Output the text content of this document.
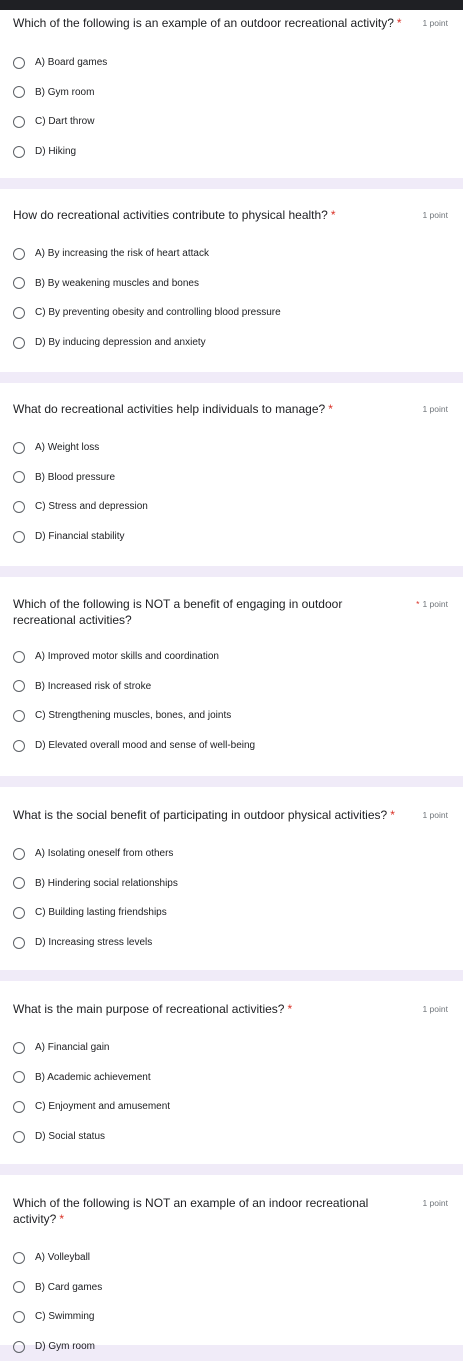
Which of the following is an example of an outdoor recreational activity? * 1 point
A) Board games
B) Gym room
C) Dart throw
D) Hiking
How do recreational activities contribute to physical health? *	1 point
A) By increasing the risk of heart attack
B) By weakening muscles and bones
C) By preventing obesity and controlling blood pressure
D) By inducing depression and anxiety
What do recreational activities help individuals to manage? *	1 point
A) Weight loss
B) Blood pressure
C) Stress and depression
D) Financial stability
Which of the following is NOT a benefit of engaging in outdoor recreational activities?
* 1 point
A) Improved motor skills and coordination
B) Increased risk of stroke
C) Strengthening muscles, bones, and joints
D) Elevated overall mood and sense of well-being
What is the social benefit of participating in outdoor physical activities? *	1 point
A) Isolating oneself from others
B) Hindering social relationships
C) Building lasting friendships
D) Increasing stress levels
What is the main purpose of recreational activities? *	1 point
A) Financial gain
B) Academic achievement
C) Enjoyment and amusement
D) Social status
Which of the following is NOT an example of an indoor recreational activity? *
1 point
A) Volleyball
B) Card games
C) Swimming
D) Gym room
